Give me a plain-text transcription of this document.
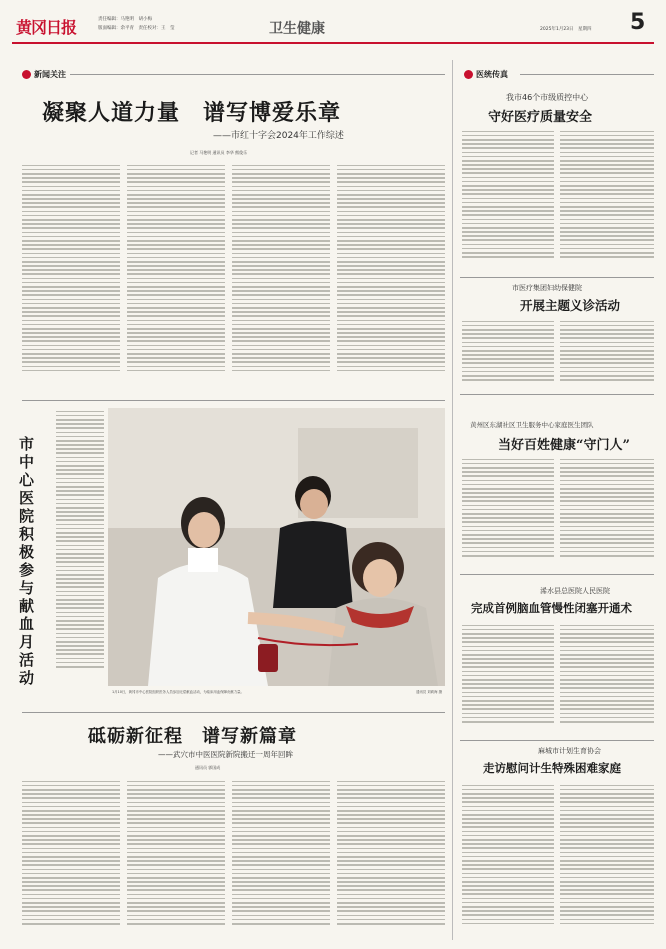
黄冈日报	责任编辑：马艳明　胡小梅
版面编辑：余平青　责任校对：王　莹	卫生健康	2025年1月23日　星期四 5
新闻关注
凝聚人道力量　谱写博爱乐章
——市红十字会2024年工作综述
记者 马艳明 通讯员 李华 熊俊乐
市中心医院积极参与献血月活动
1月10日，黄冈市中心医院组织医务人员参加无偿献血活动，为临床用血保障贡献力量。	通讯员 刘莉海 摄
砥砺新征程　谱写新篇章
——武穴市中医医院新院搬迁一周年回眸
通讯员 郭国成
医统传真
我市46个市级质控中心
守好医疗质量安全
市医疗集团妇幼保健院
开展主题义诊活动
黄州区东湖社区卫生服务中心家庭医生团队
当好百姓健康“守门人”
浠水县总医院人民医院
完成首例脑血管慢性闭塞开通术
麻城市计划生育协会
走访慰问计生特殊困难家庭
